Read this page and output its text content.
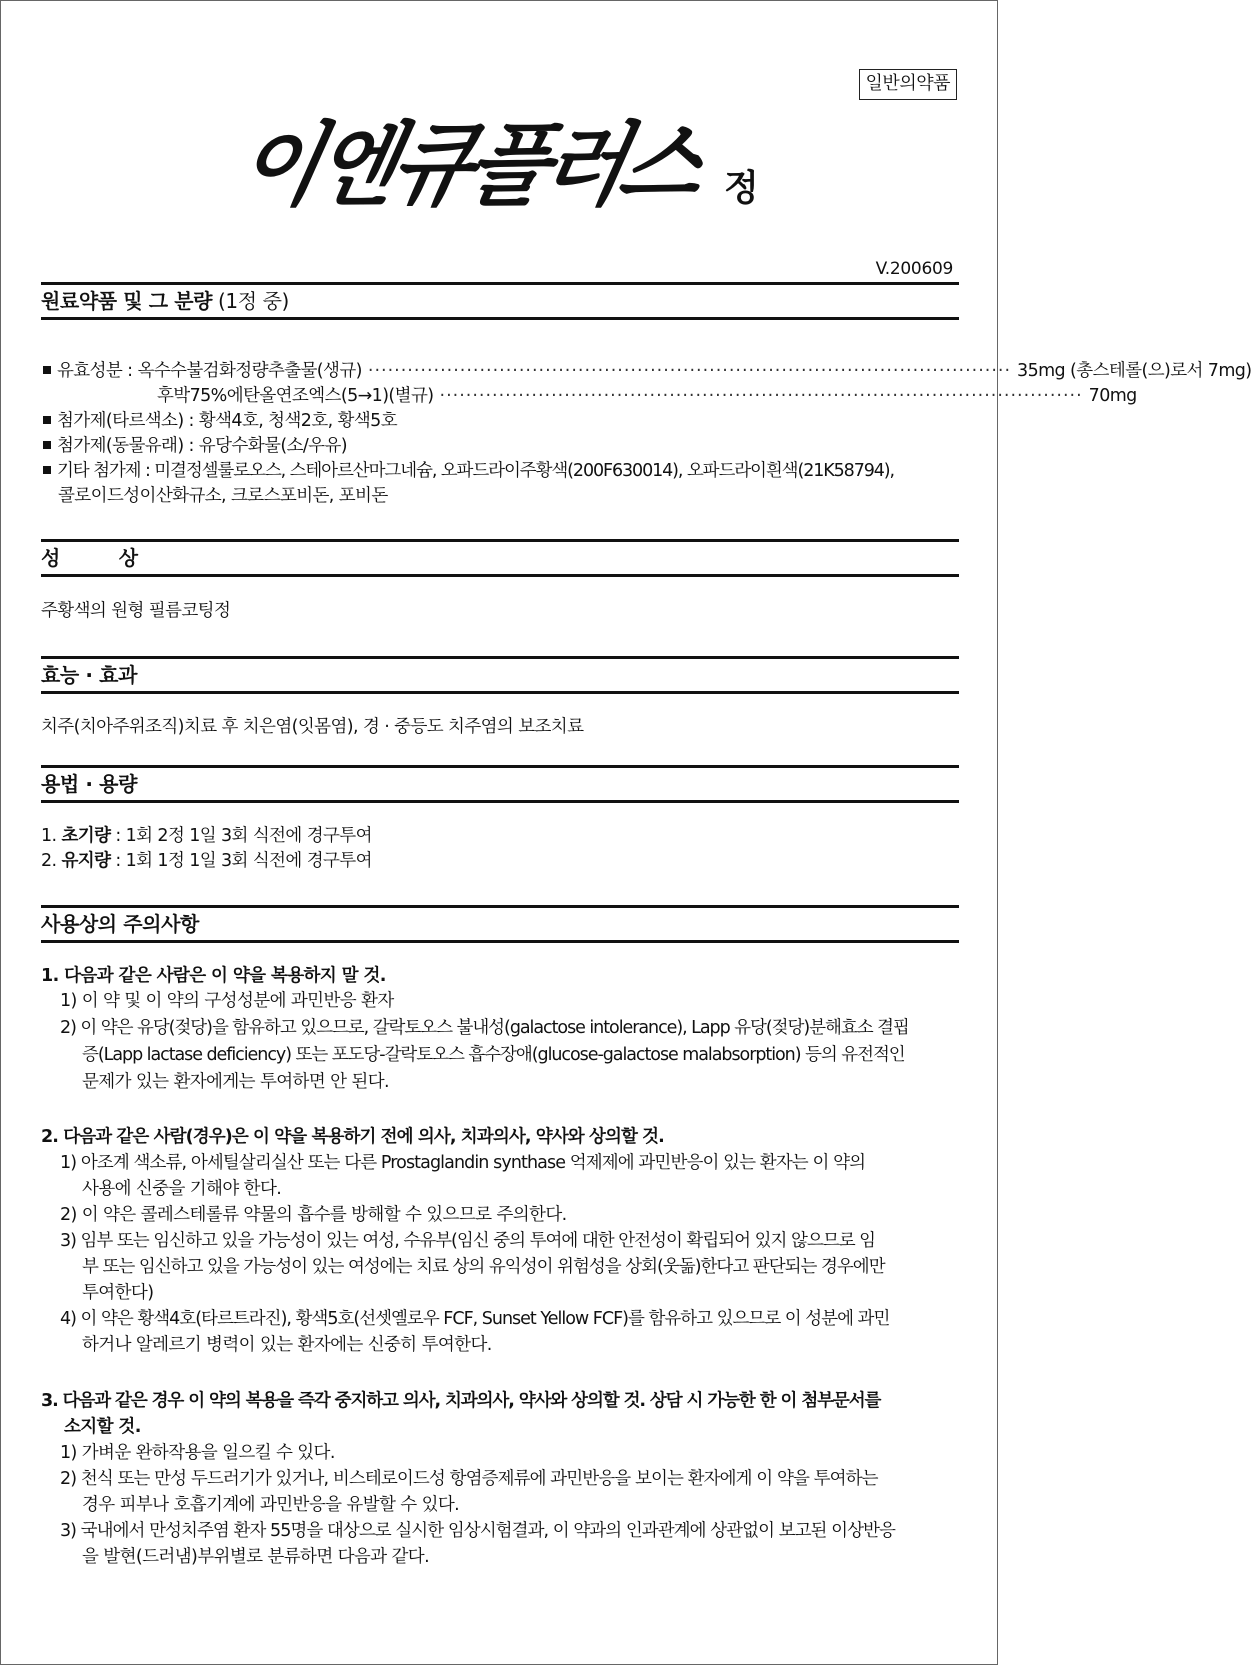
일반의약품
이엔큐플러스 정
V.200609
원료약품 및 그 분량 (1정 중)
유효성분 : 옥수수불검화정량추출물(생규) ·································································································· 35mg (총스테롤(으)로서 7mg)
후박75%에탄올연조엑스(5→1)(별규) ·································································································· 70mg
첨가제(타르색소) : 황색4호, 청색2호, 황색5호
첨가제(동물유래) : 유당수화물(소/우유)
기타 첨가제 : 미결정셀룰로오스, 스테아르산마그네슘, 오파드라이주황색(200F630014), 오파드라이흰색(21K58794),
콜로이드성이산화규소, 크로스포비돈, 포비돈
성　　　상
주황색의 원형 필름코팅정
효능 · 효과
치주(치아주위조직)치료 후 치은염(잇몸염), 경 · 중등도 치주염의 보조치료
용법 · 용량
1. 초기량 : 1회 2정 1일 3회 식전에 경구투여
2. 유지량 : 1회 1정 1일 3회 식전에 경구투여
사용상의 주의사항
1. 다음과 같은 사람은 이 약을 복용하지 말 것.
1) 이 약 및 이 약의 구성성분에 과민반응 환자
2) 이 약은 유당(젖당)을 함유하고 있으므로, 갈락토오스 불내성(galactose intolerance), Lapp 유당(젖당)분해효소 결핍
증(Lapp lactase deficiency) 또는 포도당-갈락토오스 흡수장애(glucose-galactose malabsorption) 등의 유전적인
문제가 있는 환자에게는 투여하면 안 된다.
2. 다음과 같은 사람(경우)은 이 약을 복용하기 전에 의사, 치과의사, 약사와 상의할 것.
1) 아조계 색소류, 아세틸살리실산 또는 다른 Prostaglandin synthase 억제제에 과민반응이 있는 환자는 이 약의
사용에 신중을 기해야 한다.
2) 이 약은 콜레스테롤류 약물의 흡수를 방해할 수 있으므로 주의한다.
3) 임부 또는 임신하고 있을 가능성이 있는 여성, 수유부(임신 중의 투여에 대한 안전성이 확립되어 있지 않으므로 임
부 또는 임신하고 있을 가능성이 있는 여성에는 치료 상의 유익성이 위험성을 상회(웃돎)한다고 판단되는 경우에만
투여한다)
4) 이 약은 황색4호(타르트라진), 황색5호(선셋옐로우 FCF, Sunset Yellow FCF)를 함유하고 있으므로 이 성분에 과민
하거나 알레르기 병력이 있는 환자에는 신중히 투여한다.
3. 다음과 같은 경우 이 약의 복용을 즉각 중지하고 의사, 치과의사, 약사와 상의할 것. 상담 시 가능한 한 이 첨부문서를
소지할 것.
1) 가벼운 완하작용을 일으킬 수 있다.
2) 천식 또는 만성 두드러기가 있거나, 비스테로이드성 항염증제류에 과민반응을 보이는 환자에게 이 약을 투여하는
경우 피부나 호흡기계에 과민반응을 유발할 수 있다.
3) 국내에서 만성치주염 환자 55명을 대상으로 실시한 임상시험결과, 이 약과의 인과관계에 상관없이 보고된 이상반응
을 발현(드러냄)부위별로 분류하면 다음과 같다.
